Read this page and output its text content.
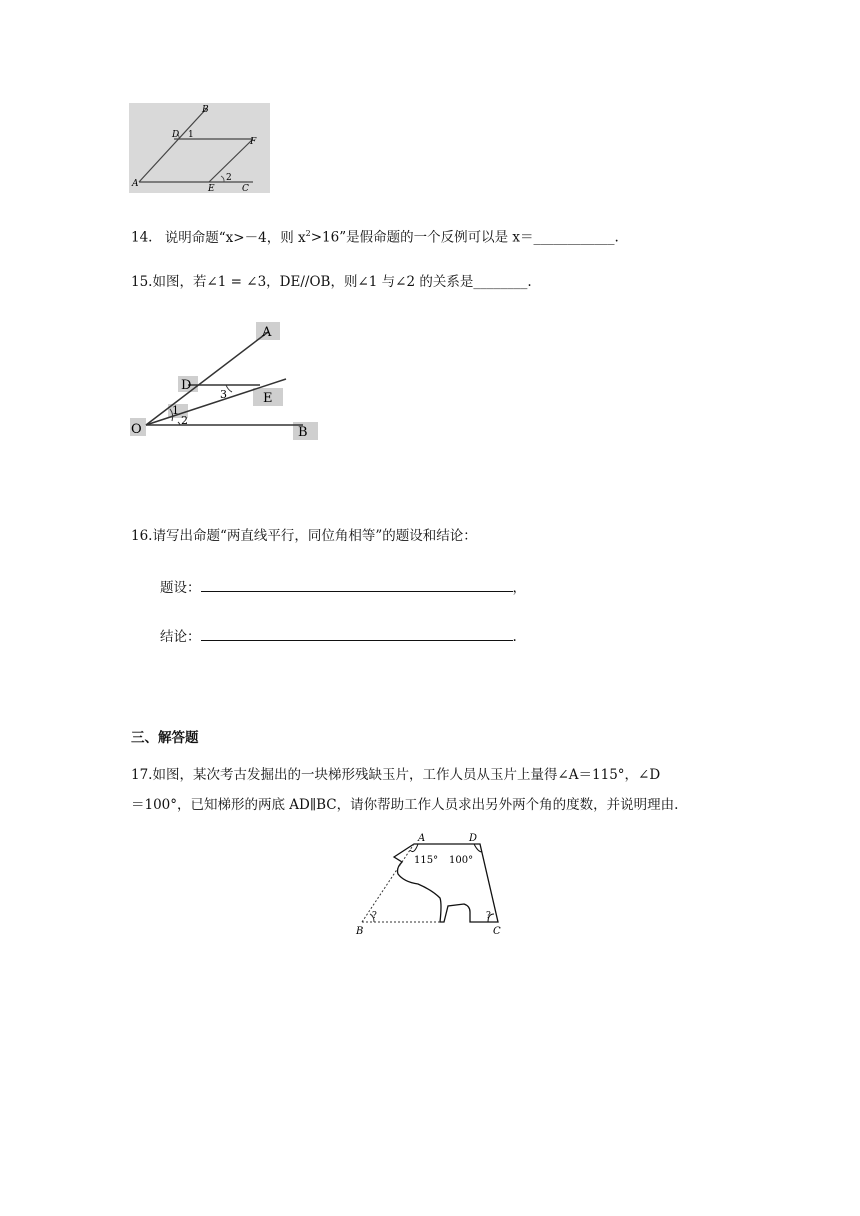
B
D 1
F
A	E
2
C
14. 说明命题“x>－4，则 $x^2>16$”是假命题的一个反例可以是 x＝____________.
15.如图，若∠1 = ∠3，DE//OB，则∠1 与∠2 的关系是________.
A
D
3	E
1
O
2
B
16.请写出命题“两直线平行，同位角相等”的题设和结论：
题设：	，
结论：	.
三、解答题
17.如图，某次考古发掘出的一块梯形残缺玉片，工作人员从玉片上量得∠A＝115°，∠D
＝100°，已知梯形的两底 AD∥BC，请你帮助工作人员求出另外两个角的度数，并说明理由.
A	D
115° 100°
?	?
B	C
